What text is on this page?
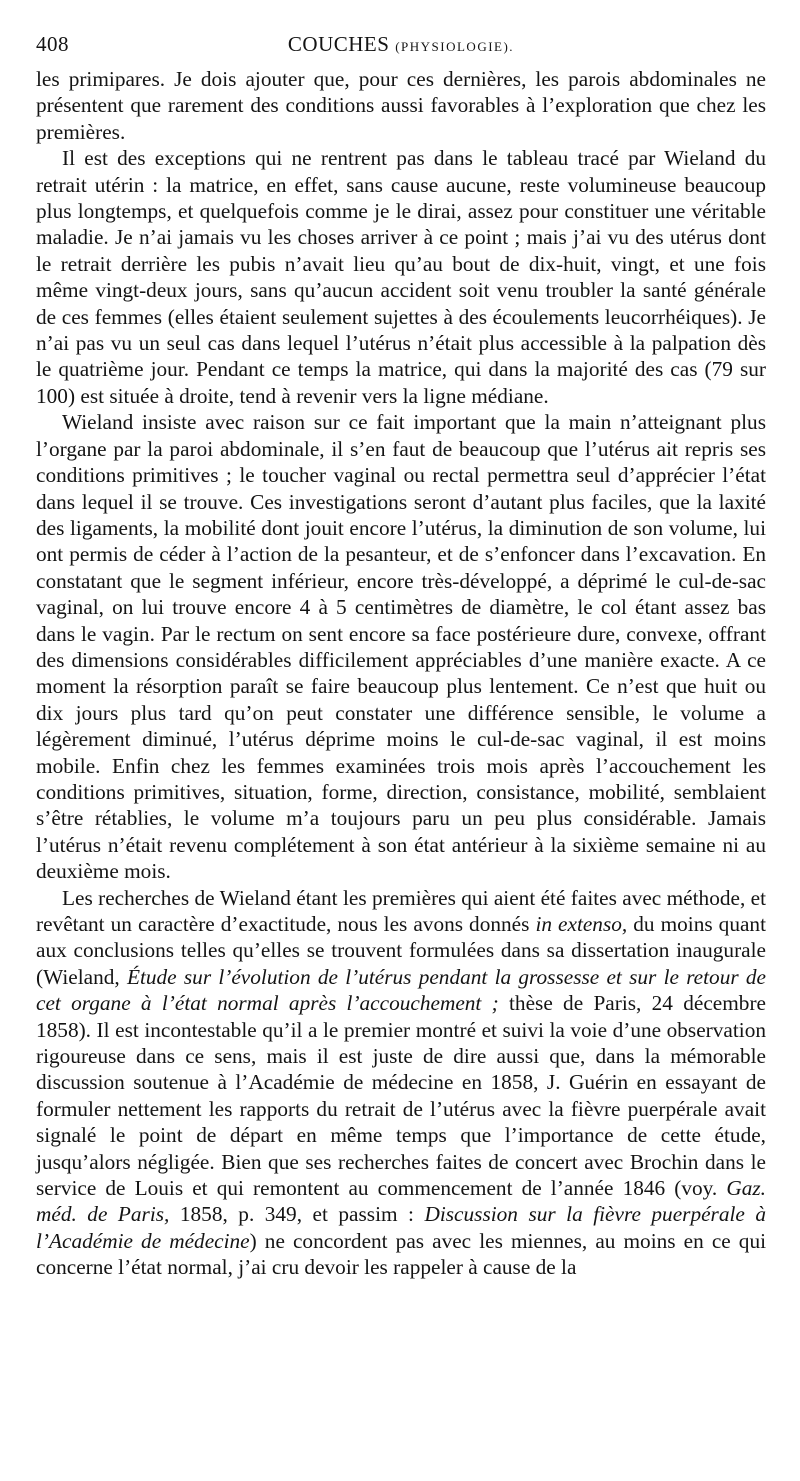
408	COUCHES (PHYSIOLOGIE).

les primipares. Je dois ajouter que, pour ces dernières, les parois abdominales ne présentent que rarement des conditions aussi favorables à l’exploration que chez les premières.

Il est des exceptions qui ne rentrent pas dans le tableau tracé par Wieland du retrait utérin : la matrice, en effet, sans cause aucune, reste volumineuse beaucoup plus longtemps, et quelquefois comme je le dirai, assez pour constituer une véritable maladie. Je n’ai jamais vu les choses arriver à ce point ; mais j’ai vu des utérus dont le retrait derrière les pubis n’avait lieu qu’au bout de dix-huit, vingt, et une fois même vingt-deux jours, sans qu’aucun accident soit venu troubler la santé générale de ces femmes (elles étaient seulement sujettes à des écoulements leucorrhéiques). Je n’ai pas vu un seul cas dans lequel l’utérus n’était plus accessible à la palpation dès le quatrième jour. Pendant ce temps la matrice, qui dans la majorité des cas (79 sur 100) est située à droite, tend à revenir vers la ligne médiane.

Wieland insiste avec raison sur ce fait important que la main n’atteignant plus l’organe par la paroi abdominale, il s’en faut de beaucoup que l’utérus ait repris ses conditions primitives ; le toucher vaginal ou rectal permettra seul d’apprécier l’état dans lequel il se trouve. Ces investigations seront d’autant plus faciles, que la laxité des ligaments, la mobilité dont jouit encore l’utérus, la diminution de son volume, lui ont permis de céder à l’action de la pesanteur, et de s’enfoncer dans l’excavation. En constatant que le segment inférieur, encore très-développé, a déprimé le cul-de-sac vaginal, on lui trouve encore 4 à 5 centimètres de diamètre, le col étant assez bas dans le vagin. Par le rectum on sent encore sa face postérieure dure, convexe, offrant des dimensions considérables difficilement appréciables d’une manière exacte. A ce moment la résorption paraît se faire beaucoup plus lentement. Ce n’est que huit ou dix jours plus tard qu’on peut constater une différence sensible, le volume a légèrement diminué, l’utérus déprime moins le cul-de-sac vaginal, il est moins mobile. Enfin chez les femmes examinées trois mois après l’accouchement les conditions primitives, situation, forme, direction, consistance, mobilité, semblaient s’être rétablies, le volume m’a toujours paru un peu plus considérable. Jamais l’utérus n’était revenu complétement à son état antérieur à la sixième semaine ni au deuxième mois.

Les recherches de Wieland étant les premières qui aient été faites avec méthode, et revêtant un caractère d’exactitude, nous les avons donnés in extenso, du moins quant aux conclusions telles qu’elles se trouvent formulées dans sa dissertation inaugurale (Wieland, Étude sur l’évolution de l’utérus pendant la grossesse et sur le retour de cet organe à l’état normal après l’accouchement ; thèse de Paris, 24 décembre 1858). Il est incontestable qu’il a le premier montré et suivi la voie d’une observation rigoureuse dans ce sens, mais il est juste de dire aussi que, dans la mémorable discussion soutenue à l’Académie de médecine en 1858, J. Guérin en essayant de formuler nettement les rapports du retrait de l’utérus avec la fièvre puerpérale avait signalé le point de départ en même temps que l’importance de cette étude, jusqu’alors négligée. Bien que ses recherches faites de concert avec Brochin dans le service de Louis et qui remontent au commencement de l’année 1846 (voy. Gaz. méd. de Paris, 1858, p. 349, et passim : Discussion sur la fièvre puerpérale à l’Académie de médecine) ne concordent pas avec les miennes, au moins en ce qui concerne l’état normal, j’ai cru devoir les rappeler à cause de la
